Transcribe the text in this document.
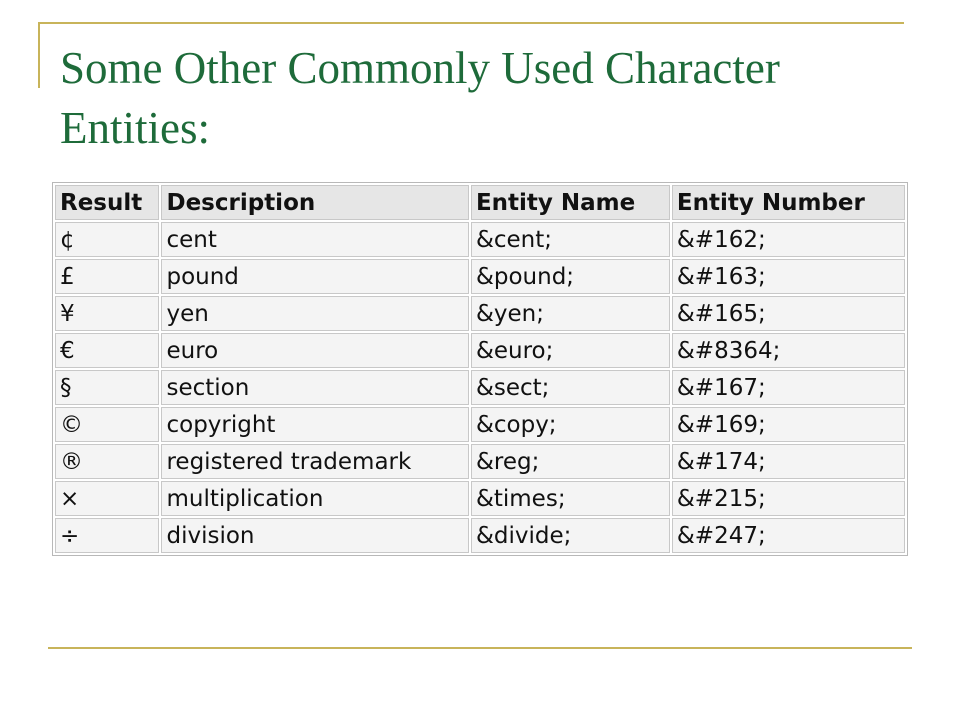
Some Other Commonly Used Character Entities:
Result	Description	Entity Name	Entity Number
¢	cent	&cent;	&#162;
£	pound	&pound;	&#163;
¥	yen	&yen;	&#165;
€	euro	&euro;	&#8364;
§	section	&sect;	&#167;
©	copyright	&copy;	&#169;
®	registered trademark	&reg;	&#174;
×	multiplication	&times;	&#215;
÷	division	&divide;	&#247;
